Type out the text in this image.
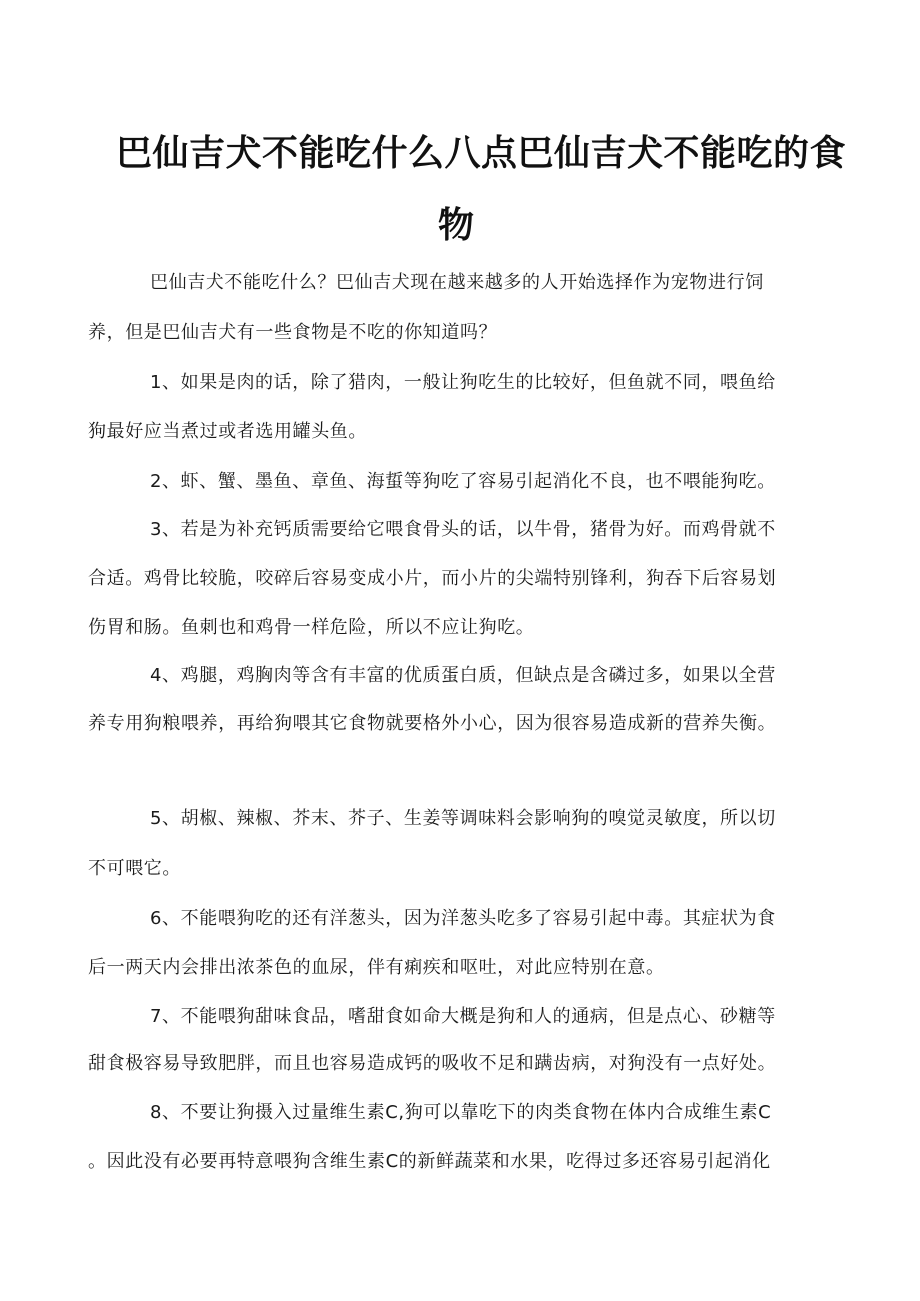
巴仙吉犬不能吃什么八点巴仙吉犬不能吃的食
物
巴仙吉犬不能吃什么？巴仙吉犬现在越来越多的人开始选择作为宠物进行饲
养，但是巴仙吉犬有一些食物是不吃的你知道吗？
1、如果是肉的话，除了猎肉，一般让狗吃生的比较好，但鱼就不同，喂鱼给
狗最好应当煮过或者选用罐头鱼。
2、虾、蟹、墨鱼、章鱼、海蜇等狗吃了容易引起消化不良，也不喂能狗吃。
3、若是为补充钙质需要给它喂食骨头的话，以牛骨，猪骨为好。而鸡骨就不
合适。鸡骨比较脆，咬碎后容易变成小片，而小片的尖端特别锋利，狗吞下后容易划
伤胃和肠。鱼刺也和鸡骨一样危险，所以不应让狗吃。
4、鸡腿，鸡胸肉等含有丰富的优质蛋白质，但缺点是含磷过多，如果以全营
养专用狗粮喂养，再给狗喂其它食物就要格外小心，因为很容易造成新的营养失衡。
5、胡椒、辣椒、芥末、芥子、生姜等调味料会影响狗的嗅觉灵敏度，所以切
不可喂它。
6、不能喂狗吃的还有洋葱头，因为洋葱头吃多了容易引起中毒。其症状为食
后一两天内会排出浓茶色的血尿，伴有痢疾和呕吐，对此应特别在意。
7、不能喂狗甜味食品，嗜甜食如命大概是狗和人的通病，但是点心、砂糖等
甜食极容易导致肥胖，而且也容易造成钙的吸收不足和蹒齿病，对狗没有一点好处。
8、不要让狗摄入过量维生素C,狗可以靠吃下的肉类食物在体内合成维生素C
。因此没有必要再特意喂狗含维生素C的新鲜蔬菜和水果，吃得过多还容易引起消化
